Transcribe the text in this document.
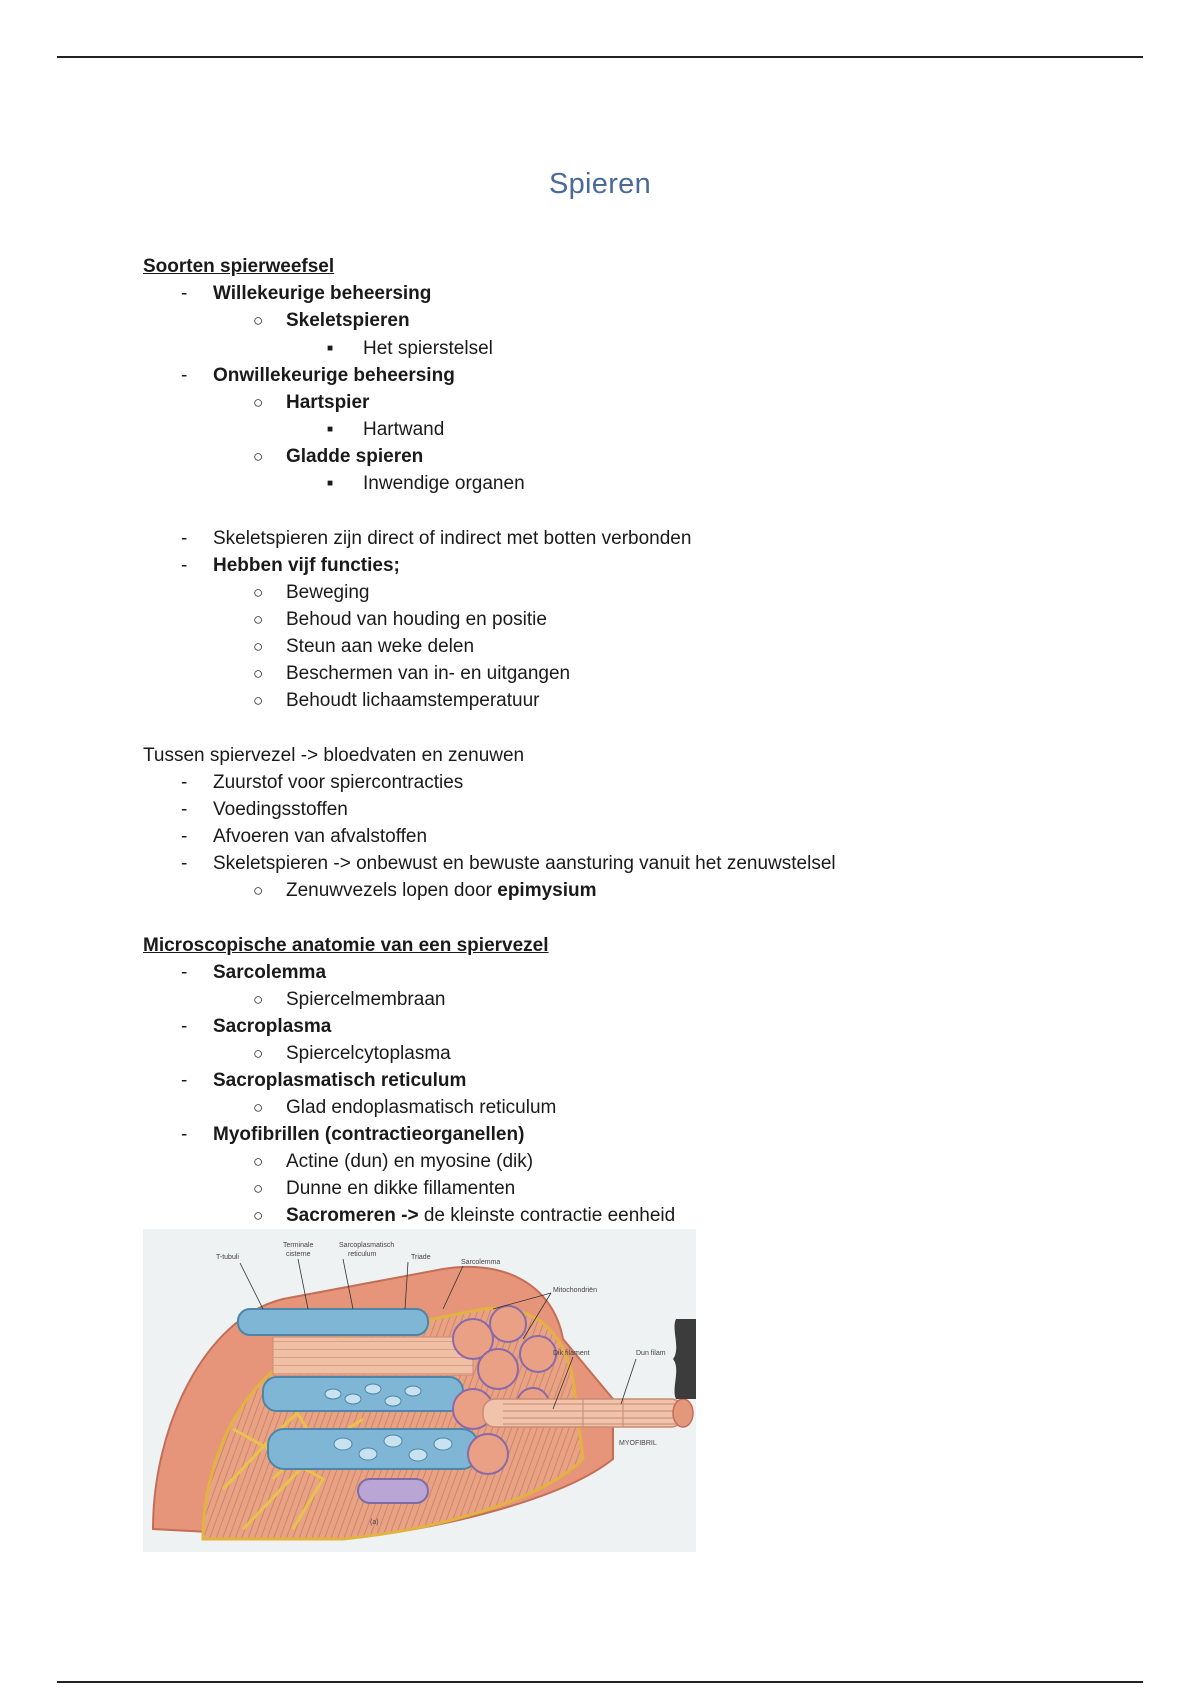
Spieren
Soorten spierweefsel
- Willekeurige beheersing
○ Skeletspieren
■ Het spierstelsel
- Onwillekeurige beheersing
○ Hartspier
■ Hartwand
○ Gladde spieren
■ Inwendige organen
- Skeletspieren zijn direct of indirect met botten verbonden
- Hebben vijf functies;
○ Beweging
○ Behoud van houding en positie
○ Steun aan weke delen
○ Beschermen van in- en uitgangen
○ Behoudt lichaamstemperatuur
Tussen spiervezel -> bloedvaten en zenuwen
- Zuurstof voor spiercontracties
- Voedingsstoffen
- Afvoeren van afvalstoffen
- Skeletspieren -> onbewust en bewuste aansturing vanuit het zenuwstelsel
○ Zenuwvezels lopen door epimysium
Microscopische anatomie van een spiervezel
- Sarcolemma
○ Spiercelmembraan
- Sacroplasma
○ Spiercelcytoplasma
- Sacroplasmatisch reticulum
○ Glad endoplasmatisch reticulum
- Myofibrillen (contractieorganellen)
○ Actine (dun) en myosine (dik)
○ Dunne en dikke fillamenten
○ Sacromeren -> de kleinste contractie eenheid
T-tubuli
Terminale
cisterne
Sarcoplasmatisch
reticulum	Triade
Sarcolemma
Mitochondriën
Dik filament	Dun filam
MYOFIBRIL
(a)
